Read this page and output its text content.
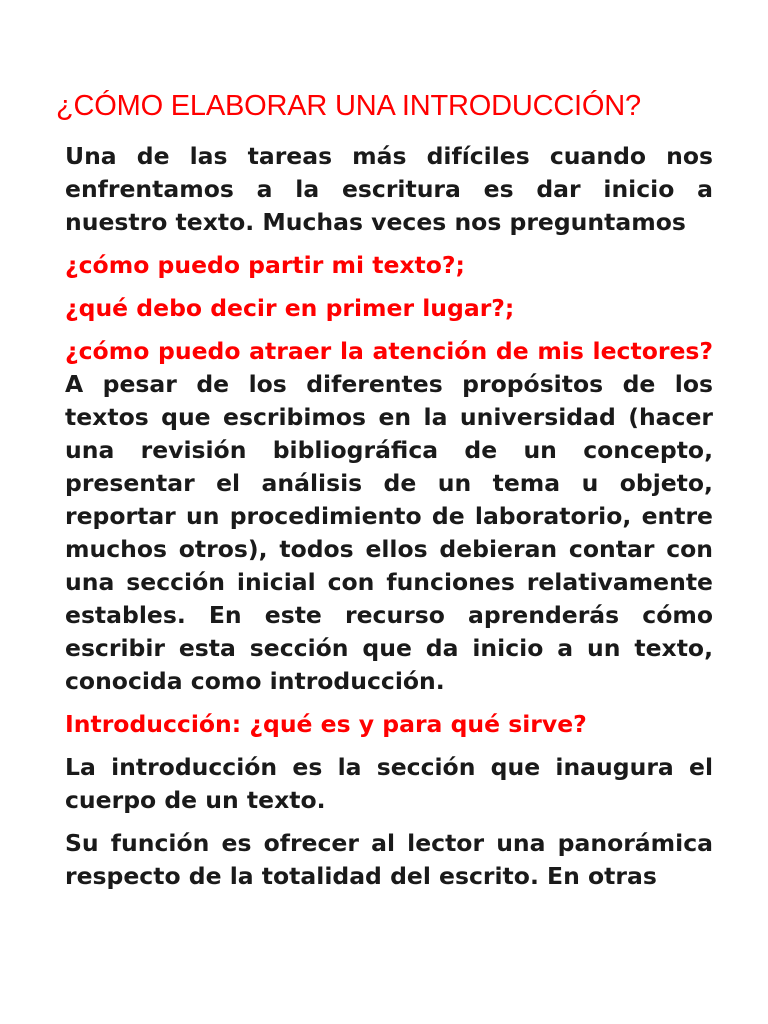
¿CÓMO ELABORAR UNA INTRODUCCIÓN?

Una de las tareas más difíciles cuando nos enfrentamos a la escritura es dar inicio a nuestro texto. Muchas veces nos preguntamos

¿cómo puedo partir mi texto?;

¿qué debo decir en primer lugar?;

¿cómo puedo atraer la atención de mis lectores? A pesar de los diferentes propósitos de los textos que escribimos en la universidad (hacer una revisión bibliográfica de un concepto, presentar el análisis de un tema u objeto, reportar un procedimiento de laboratorio, entre muchos otros), todos ellos debieran contar con una sección inicial con funciones relativamente estables. En este recurso aprenderás cómo escribir esta sección que da inicio a un texto, conocida como introducción.

Introducción: ¿qué es y para qué sirve?

La introducción es la sección que inaugura el cuerpo de un texto.

Su función es ofrecer al lector una panorámica respecto de la totalidad del escrito. En otras
